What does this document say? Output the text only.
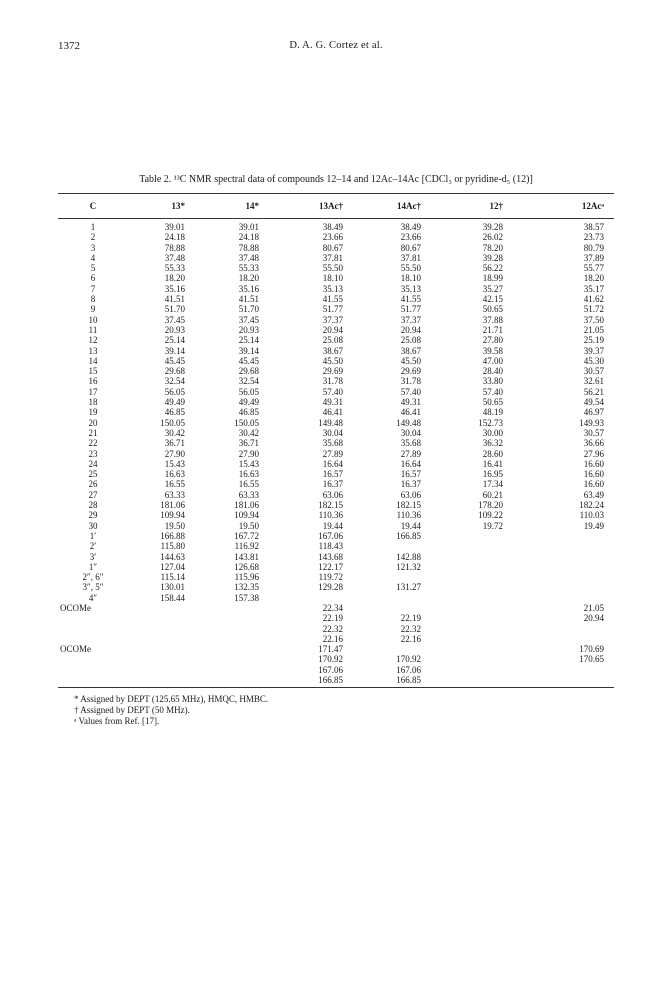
1372	D. A. G. Cortez et al.
Table 2. ¹³C NMR spectral data of compounds 12–14 and 12Ac–14Ac [CDCl₃ or pyridine-d₅ (12)]
C	13*	14*	13Ac†	14Ac†	12†	12Acᵃ
1	39.01	39.01	38.49	38.49	39.28	38.57
2	24.18	24.18	23.66	23.66	26.02	23.73
3	78.88	78.88	80.67	80.67	78.20	80.79
4	37.48	37.48	37.81	37.81	39.28	37.89
5	55.33	55.33	55.50	55.50	56.22	55.77
6	18.20	18.20	18.10	18.10	18.99	18.20
7	35.16	35.16	35.13	35.13	35.27	35.17
8	41.51	41.51	41.55	41.55	42.15	41.62
9	51.70	51.70	51.77	51.77	50.65	51.72
10	37.45	37.45	37.37	37.37	37.88	37.50
11	20.93	20.93	20.94	20.94	21.71	21.05
12	25.14	25.14	25.08	25.08	27.80	25.19
13	39.14	39.14	38.67	38.67	39.58	39.37
14	45.45	45.45	45.50	45.50	47.00	45.30
15	29.68	29.68	29.69	29.69	28.40	30.57
16	32.54	32.54	31.78	31.78	33.80	32.61
17	56.05	56.05	57.40	57.40	57.40	56.21
18	49.49	49.49	49.31	49.31	50.65	49.54
19	46.85	46.85	46.41	46.41	48.19	46.97
20	150.05	150.05	149.48	149.48	152.73	149.93
21	30.42	30.42	30.04	30.04	30.00	30.57
22	36.71	36.71	35.68	35.68	36.32	36.66
23	27.90	27.90	27.89	27.89	28.60	27.96
24	15.43	15.43	16.64	16.64	16.41	16.60
25	16.63	16.63	16.57	16.57	16.95	16.60
26	16.55	16.55	16.37	16.37	17.34	16.60
27	63.33	63.33	63.06	63.06	60.21	63.49
28	181.06	181.06	182.15	182.15	178.20	182.24
29	109.94	109.94	110.36	110.36	109.22	110.03
30	19.50	19.50	19.44	19.44	19.72	19.49
1′	166.88	167.72	167.06	166.85		
2′	115.80	116.92	118.43			
3′	144.63	143.81	143.68	142.88		
1″	127.04	126.68	122.17	121.32		
2″, 6″	115.14	115.96	119.72			
3″, 5″	130.01	132.35	129.28	131.27		
4″	158.44	157.38				
OCOMe			22.34			21.05
			22.19	22.19		20.94
			22.32	22.32		
			22.16	22.16		
OCOMe			171.47			170.69
			170.92	170.92		170.65
			167.06	167.06		
			166.85	166.85		
* Assigned by DEPT (125.65 MHz), HMQC, HMBC.
† Assigned by DEPT (50 MHz).
ᵃ Values from Ref. [17].
